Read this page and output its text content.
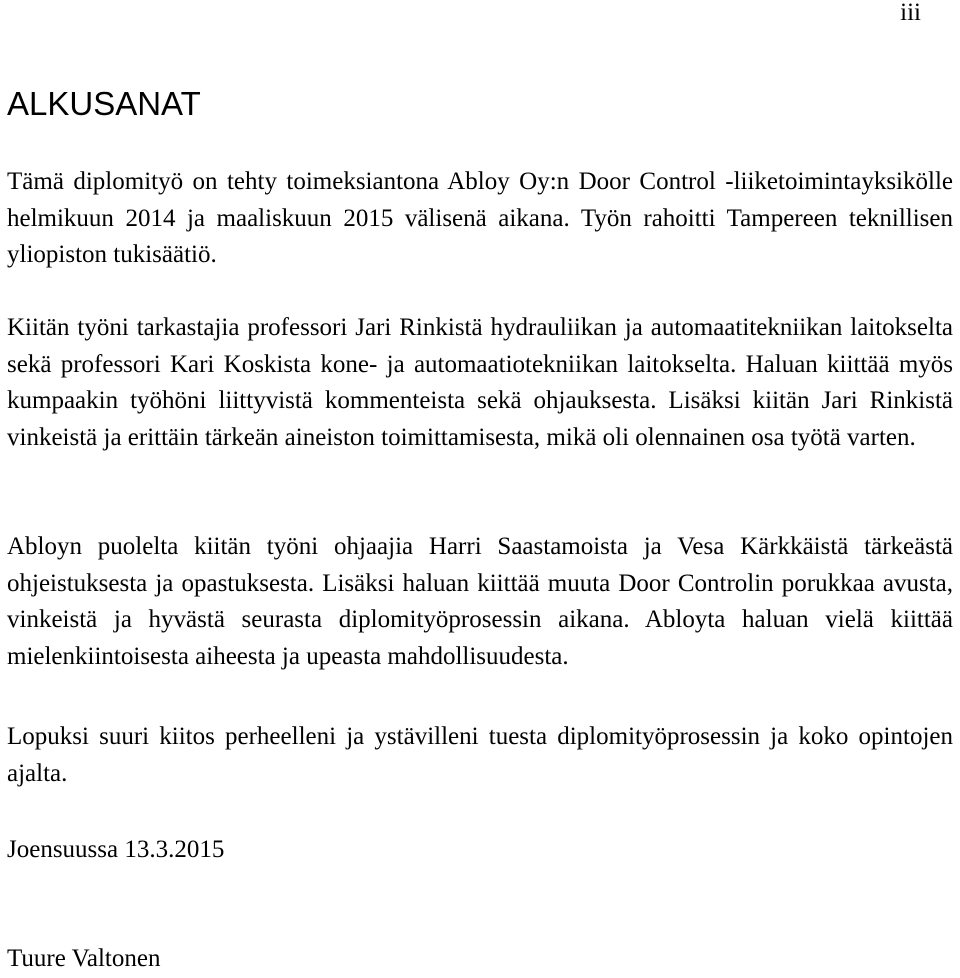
iii
ALKUSANAT

Tämä diplomityö on tehty toimeksiantona Abloy Oy:n Door Control -liiketoimintayksikölle helmikuun 2014 ja maaliskuun 2015 välisenä aikana. Työn rahoitti Tampereen teknillisen yliopiston tukisäätiö.

Kiitän työni tarkastajia professori Jari Rinkistä hydrauliikan ja automaatitekniikan laitokselta sekä professori Kari Koskista kone- ja automaatiotekniikan laitokselta. Haluan kiittää myös kumpaakin työhöni liittyvistä kommenteista sekä ohjauksesta. Lisäksi kiitän Jari Rinkistä vinkeistä ja erittäin tärkeän aineiston toimittamisesta, mikä oli olennainen osa työtä varten.

Abloyn puolelta kiitän työni ohjaajia Harri Saastamoista ja Vesa Kärkkäistä tärkeästä ohjeistuksesta ja opastuksesta. Lisäksi haluan kiittää muuta Door Controlin porukkaa avusta, vinkeistä ja hyvästä seurasta diplomityöprosessin aikana. Abloyta haluan vielä kiittää mielenkiintoisesta aiheesta ja upeasta mahdollisuudesta.

Lopuksi suuri kiitos perheelleni ja ystävilleni tuesta diplomityöprosessin ja koko opintojen ajalta.

Joensuussa 13.3.2015

Tuure Valtonen
